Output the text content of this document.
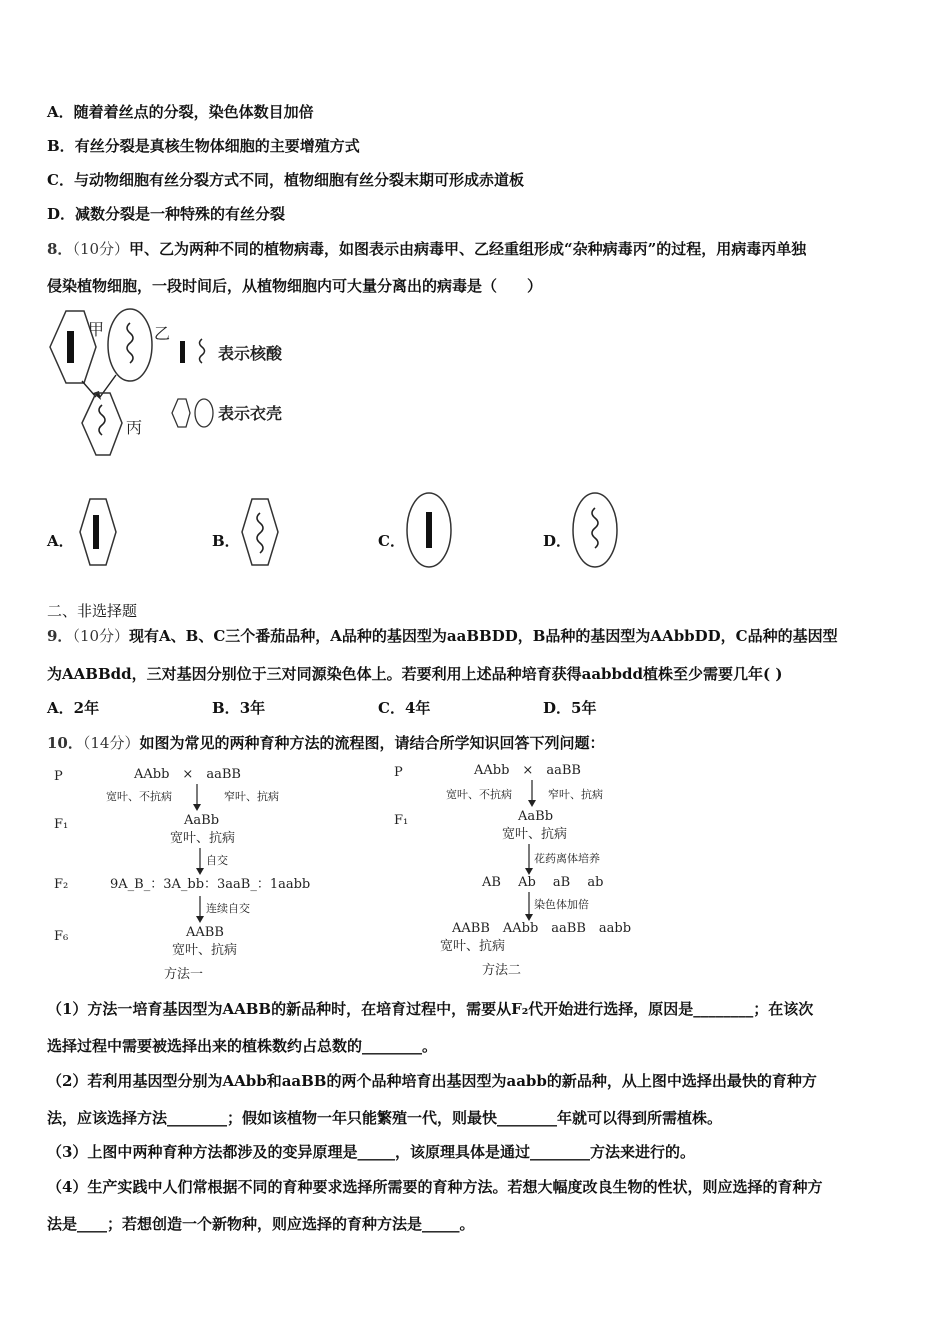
A．随着着丝点的分裂，染色体数目加倍
B．有丝分裂是真核生物体细胞的主要增殖方式
C．与动物细胞有丝分裂方式不同，植物细胞有丝分裂末期可形成赤道板
D．减数分裂是一种特殊的有丝分裂
8．（10分）甲、乙为两种不同的植物病毒，如图表示由病毒甲、乙经重组形成“杂种病毒丙”的过程，用病毒丙单独
侵染植物细胞，一段时间后，从植物细胞内可大量分离出的病毒是（　　）
甲	乙
丙
表示核酸
表示衣壳
A．	B．	C．	D．
二、非选择题
9．（10分）现有A、B、C三个番茄品种，A品种的基因型为aaBBDD，B品种的基因型为AAbbDD，C品种的基因型
为AABBdd，三对基因分别位于三对同源染色体上。若要利用上述品种培育获得aabbdd植株至少需要几年( )
A．2年	B．3年	C．4年	D．5年
10．（14分）如图为常见的两种育种方法的流程图，请结合所学知识回答下列问题：
P	AAbb　×　aaBB
宽叶、不抗病	窄叶、抗病
F₁	AaBb
宽叶、抗病
自交
F₂	9A_B_：3A_bb：3aaB_：1aabb
连续自交
F₆	AABB
宽叶、抗病
方法一
P	AAbb　×　aaBB
宽叶、不抗病	窄叶、抗病
F₁	AaBb
宽叶、抗病
花药离体培养
AB　 Ab　 aB　 ab
染色体加倍
AABB　AAbb　aaBB　aabb
宽叶、抗病
方法二
（1）方法一培育基因型为AABB的新品种时，在培育过程中，需要从F₂代开始进行选择，原因是________；在该次
选择过程中需要被选择出来的植株数约占总数的________。
（2）若利用基因型分别为AAbb和aaBB的两个品种培育出基因型为aabb的新品种，从上图中选择出最快的育种方
法，应该选择方法________；假如该植物一年只能繁殖一代，则最快________年就可以得到所需植株。
（3）上图中两种育种方法都涉及的变异原理是_____，该原理具体是通过________方法来进行的。
（4）生产实践中人们常根据不同的育种要求选择所需要的育种方法。若想大幅度改良生物的性状，则应选择的育种方
法是____；若想创造一个新物种，则应选择的育种方法是_____。
